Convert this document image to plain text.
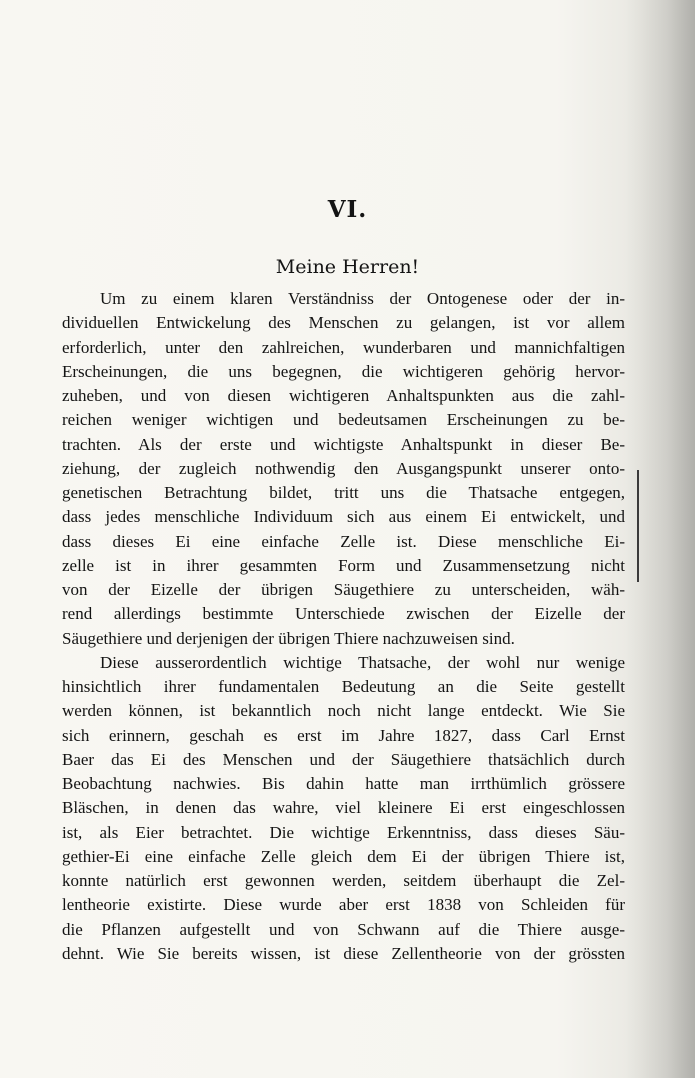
VI.
Meine Herren!
Um zu einem klaren Verständniss der Ontogenese oder der in-
dividuellen Entwickelung des Menschen zu gelangen, ist vor allem
erforderlich, unter den zahlreichen, wunderbaren und mannichfaltigen
Erscheinungen, die uns begegnen, die wichtigeren gehörig hervor-
zuheben, und von diesen wichtigeren Anhaltspunkten aus die zahl-
reichen weniger wichtigen und bedeutsamen Erscheinungen zu be-
trachten. Als der erste und wichtigste Anhaltspunkt in dieser Be-
ziehung, der zugleich nothwendig den Ausgangspunkt unserer onto-
genetischen Betrachtung bildet, tritt uns die Thatsache entgegen,
dass jedes menschliche Individuum sich aus einem Ei entwickelt, und
dass dieses Ei eine einfache Zelle ist. Diese menschliche Ei-
zelle ist in ihrer gesammten Form und Zusammensetzung nicht
von der Eizelle der übrigen Säugethiere zu unterscheiden, wäh-
rend allerdings bestimmte Unterschiede zwischen der Eizelle der
Säugethiere und derjenigen der übrigen Thiere nachzuweisen sind.
Diese ausserordentlich wichtige Thatsache, der wohl nur wenige
hinsichtlich ihrer fundamentalen Bedeutung an die Seite gestellt
werden können, ist bekanntlich noch nicht lange entdeckt. Wie Sie
sich erinnern, geschah es erst im Jahre 1827, dass Carl Ernst
Baer das Ei des Menschen und der Säugethiere thatsächlich durch
Beobachtung nachwies. Bis dahin hatte man irrthümlich grössere
Bläschen, in denen das wahre, viel kleinere Ei erst eingeschlossen
ist, als Eier betrachtet. Die wichtige Erkenntniss, dass dieses Säu-
gethier-Ei eine einfache Zelle gleich dem Ei der übrigen Thiere ist,
konnte natürlich erst gewonnen werden, seitdem überhaupt die Zel-
lentheorie existirte. Diese wurde aber erst 1838 von Schleiden für
die Pflanzen aufgestellt und von Schwann auf die Thiere ausge-
dehnt. Wie Sie bereits wissen, ist diese Zellentheorie von der grössten
